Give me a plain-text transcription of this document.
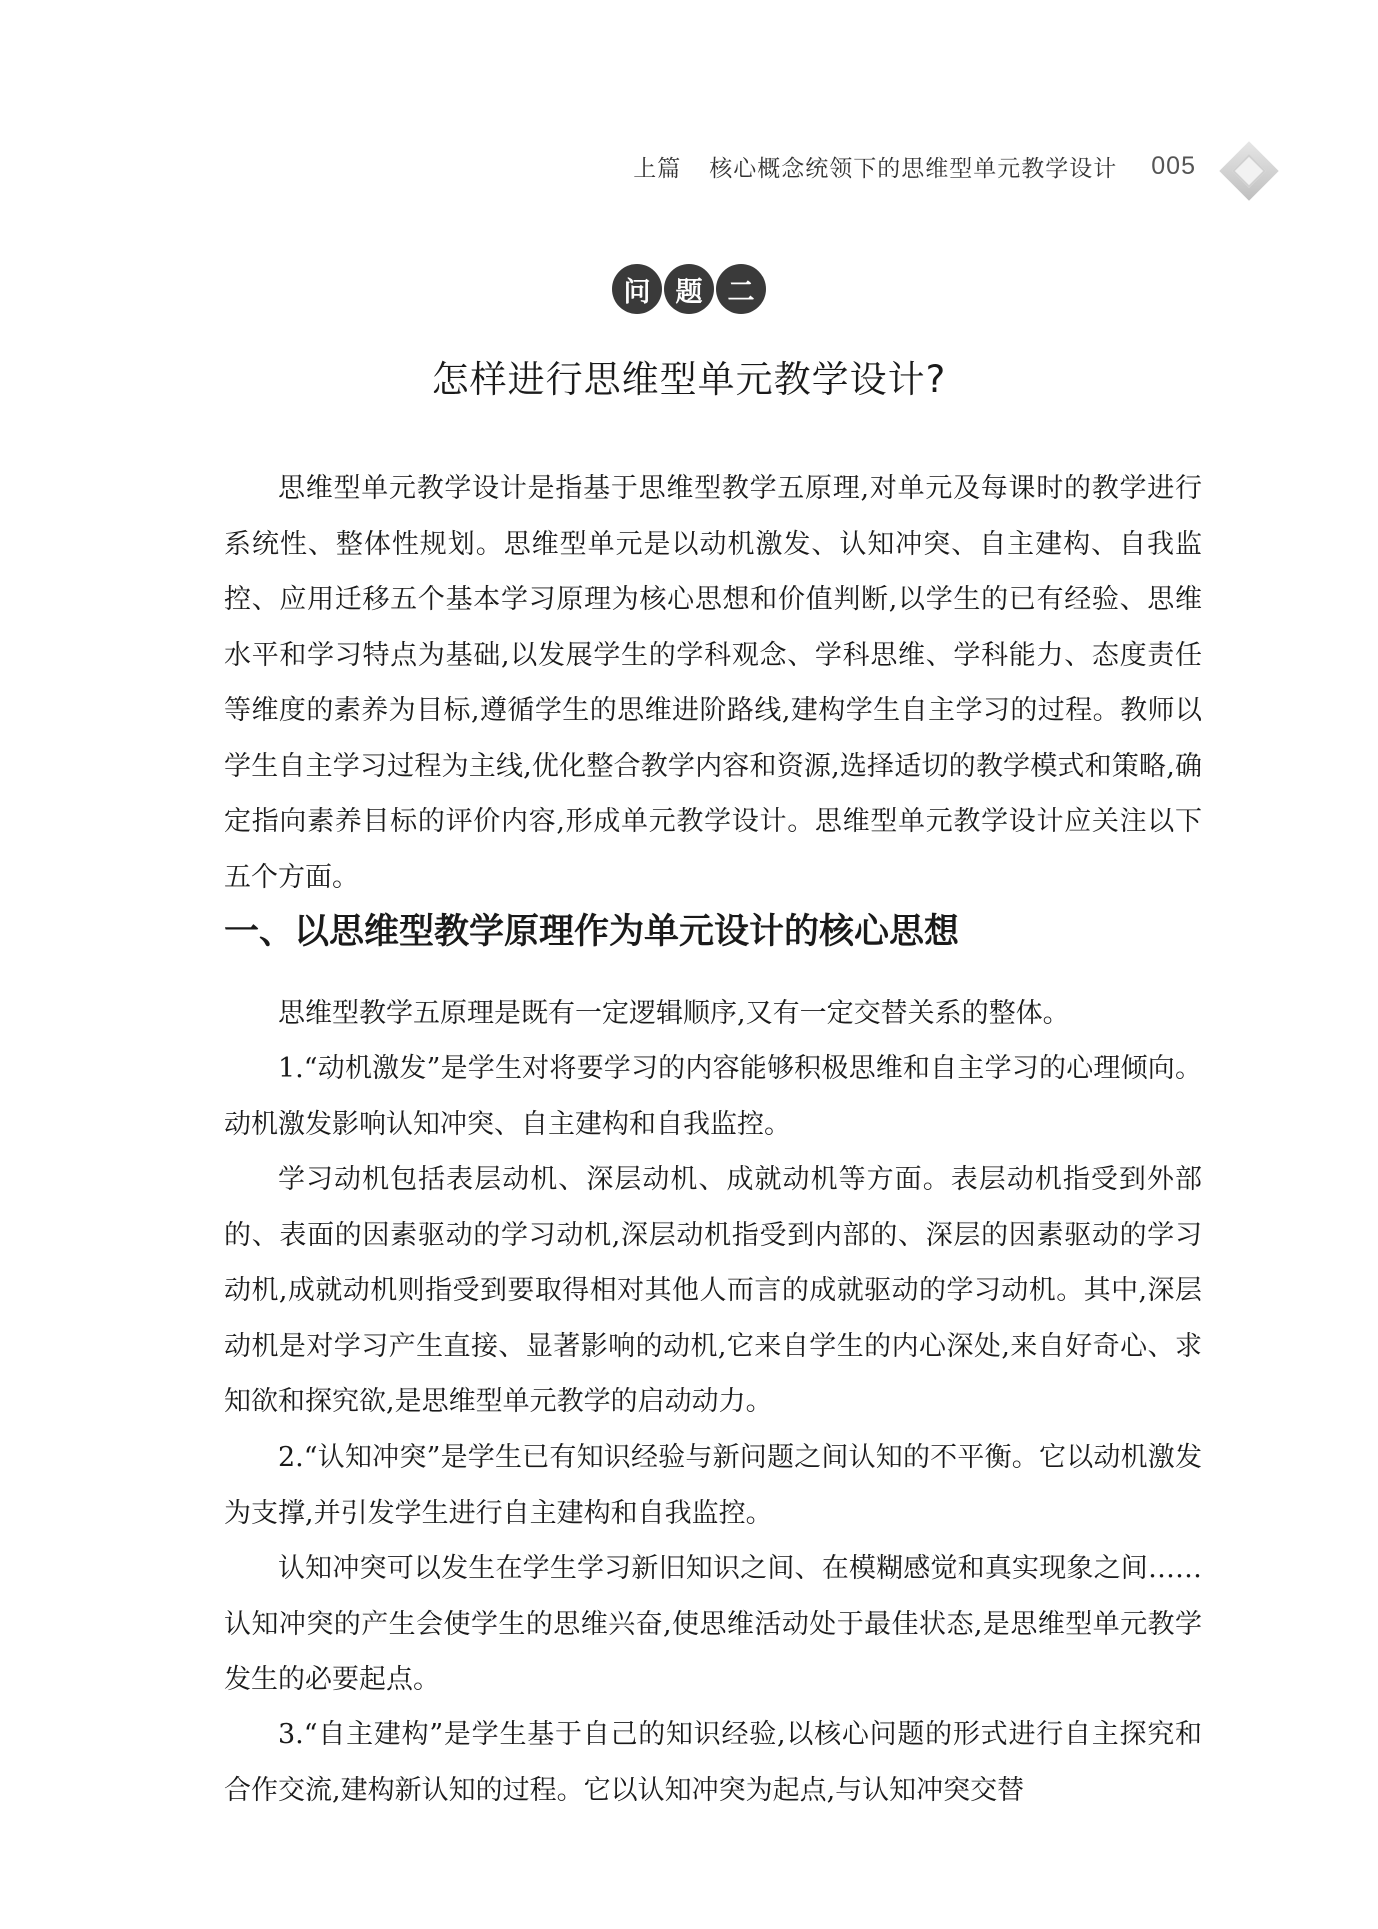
上篇 核心概念统领下的思维型单元教学设计 005
问 题 二
怎样进行思维型单元教学设计?

思维型单元教学设计是指基于思维型教学五原理,对单元及每课时的教学进行系统性、整体性规划。思维型单元是以动机激发、认知冲突、自主建构、自我监控、应用迁移五个基本学习原理为核心思想和价值判断,以学生的已有经验、思维水平和学习特点为基础,以发展学生的学科观念、学科思维、学科能力、态度责任等维度的素养为目标,遵循学生的思维进阶路线,建构学生自主学习的过程。教师以学生自主学习过程为主线,优化整合教学内容和资源,选择适切的教学模式和策略,确定指向素养目标的评价内容,形成单元教学设计。思维型单元教学设计应关注以下五个方面。

一、以思维型教学原理作为单元设计的核心思想

思维型教学五原理是既有一定逻辑顺序,又有一定交替关系的整体。

1.“动机激发”是学生对将要学习的内容能够积极思维和自主学习的心理倾向。动机激发影响认知冲突、自主建构和自我监控。

学习动机包括表层动机、深层动机、成就动机等方面。表层动机指受到外部的、表面的因素驱动的学习动机,深层动机指受到内部的、深层的因素驱动的学习动机,成就动机则指受到要取得相对其他人而言的成就驱动的学习动机。其中,深层动机是对学习产生直接、显著影响的动机,它来自学生的内心深处,来自好奇心、求知欲和探究欲,是思维型单元教学的启动动力。

2.“认知冲突”是学生已有知识经验与新问题之间认知的不平衡。它以动机激发为支撑,并引发学生进行自主建构和自我监控。

认知冲突可以发生在学生学习新旧知识之间、在模糊感觉和真实现象之间……认知冲突的产生会使学生的思维兴奋,使思维活动处于最佳状态,是思维型单元教学发生的必要起点。

3.“自主建构”是学生基于自己的知识经验,以核心问题的形式进行自主探究和合作交流,建构新认知的过程。它以认知冲突为起点,与认知冲突交替
